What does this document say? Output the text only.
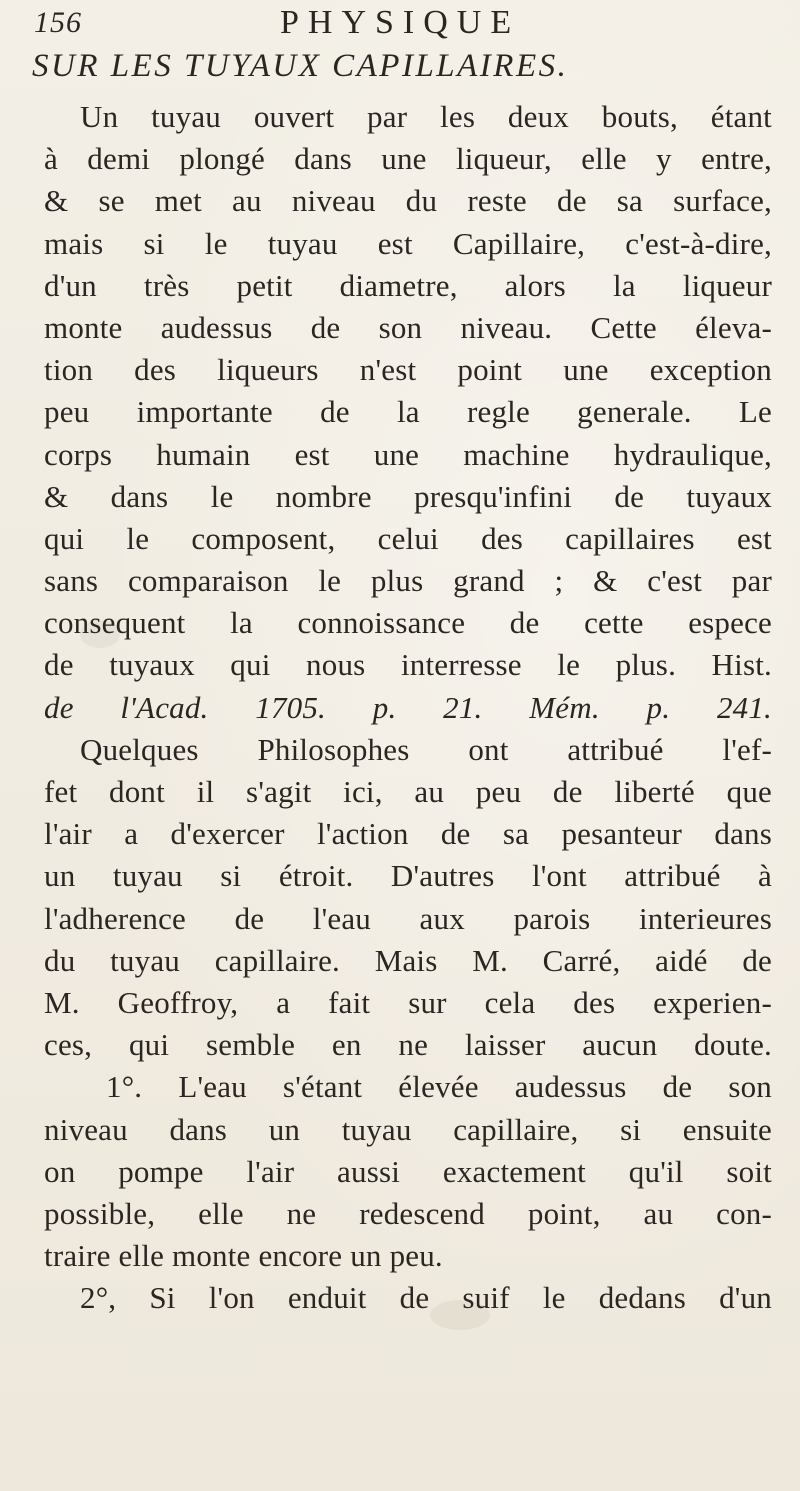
156	PHYSIQUE
SUR LES TUYAUX CAPILLAIRES.
Un tuyau ouvert par les deux bouts, étant
à demi plongé dans une liqueur, elle y entre,
& se met au niveau du reste de sa surface,
mais si le tuyau est Capillaire, c'est-à-dire,
d'un très petit diametre, alors la liqueur
monte audessus de son niveau. Cette éleva-
tion des liqueurs n'est point une exception
peu importante de la regle generale. Le
corps humain est une machine hydraulique,
& dans le nombre presqu'infini de tuyaux
qui le composent, celui des capillaires est
sans comparaison le plus grand ; & c'est par
consequent la connoissance de cette espece
de tuyaux qui nous interresse le plus. Hist.
de l'Acad. 1705. p. 21. Mém. p. 241.
Quelques Philosophes ont attribué l'ef-
fet dont il s'agit ici, au peu de liberté que
l'air a d'exercer l'action de sa pesanteur dans
un tuyau si étroit. D'autres l'ont attribué à
l'adherence de l'eau aux parois interieures
du tuyau capillaire. Mais M. Carré, aidé de
M. Geoffroy, a fait sur cela des experien-
ces, qui semble en ne laisser aucun doute.
1°. L'eau s'étant élevée audessus de son
niveau dans un tuyau capillaire, si ensuite
on pompe l'air aussi exactement qu'il soit
possible, elle ne redescend point, au con-
traire elle monte encore un peu.
2°, Si l'on enduit de suif le dedans d'un
